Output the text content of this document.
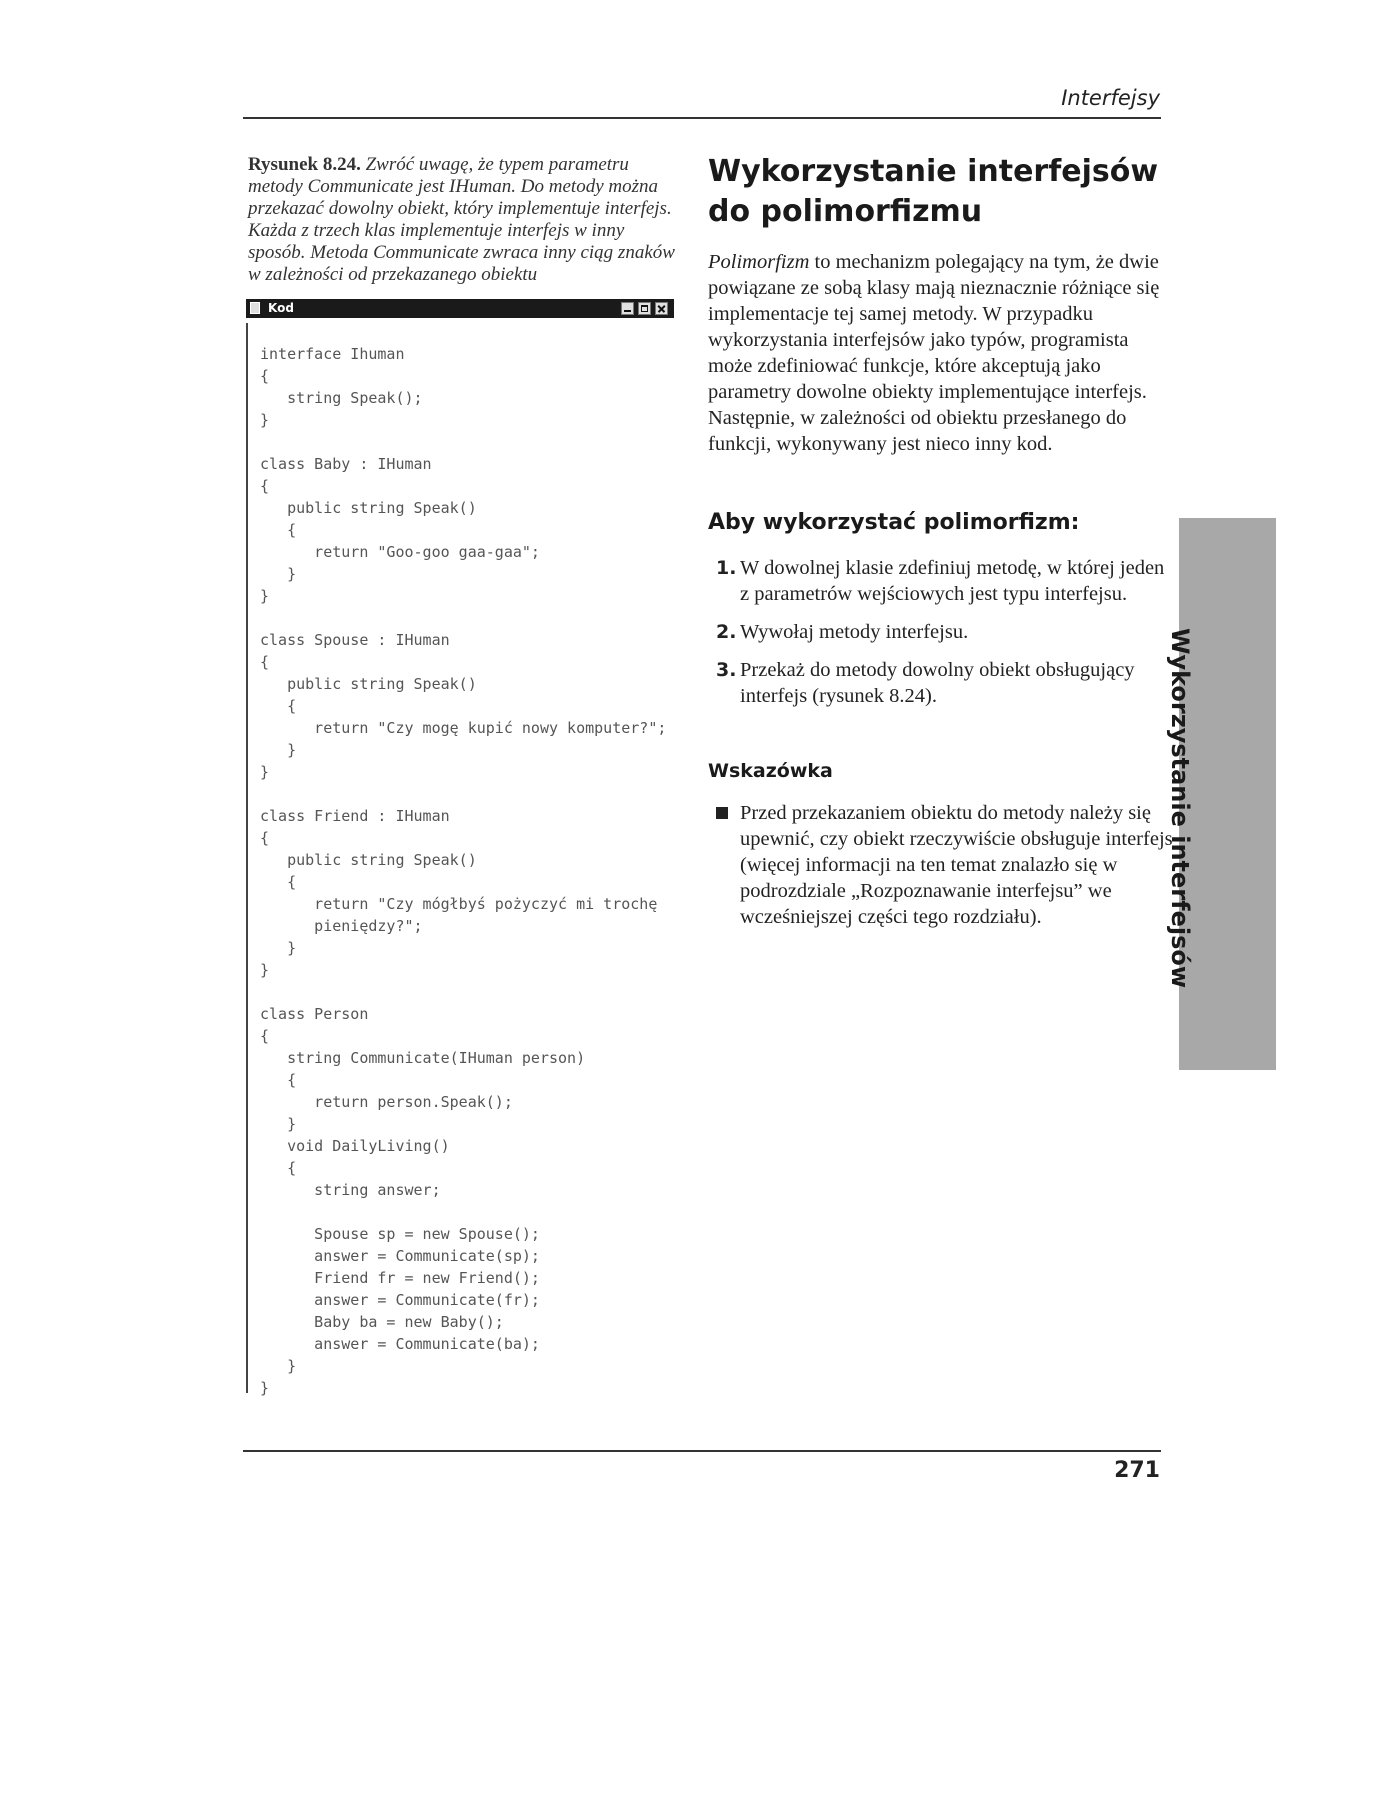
Interfejsy
Rysunek 8.24. Zwróć uwagę, że typem parametru metody Communicate jest IHuman. Do metody można przekazać dowolny obiekt, który implementuje interfejs. Każda z trzech klas implementuje interfejs w inny sposób. Metoda Communicate zwraca inny ciąg znaków w zależności od przekazanego obiektu
Kod
interface Ihuman
{
string Speak();
}
class Baby : IHuman
{
public string Speak()
{
return "Goo-goo gaa-gaa";
}
}
class Spouse : IHuman
{
public string Speak()
{
return "Czy mogę kupić nowy komputer?";
}
}
class Friend : IHuman
{
public string Speak()
{
return "Czy mógłbyś pożyczyć mi trochę
pieniędzy?";
}
}
class Person
{
string Communicate(IHuman person)
{
return person.Speak();
}
void DailyLiving()
{
string answer;
Spouse sp = new Spouse();
answer = Communicate(sp);
Friend fr = new Friend();
answer = Communicate(fr);
Baby ba = new Baby();
answer = Communicate(ba);
}
}
Wykorzystanie interfejsów do polimorfizmu
Polimorfizm to mechanizm polegający na tym, że dwie powiązane ze sobą klasy mają nieznacznie różniące się implementacje tej samej metody. W przypadku wykorzystania interfejsów jako typów, programista może zdefiniować funkcje, które akceptują jako parametry dowolne obiekty implementujące interfejs. Następnie, w zależności od obiektu przesłanego do funkcji, wykonywany jest nieco inny kod.
Aby wykorzystać polimorfizm:
1. W dowolnej klasie zdefiniuj metodę, w której jeden z parametrów wejściowych jest typu interfejsu.
2. Wywołaj metody interfejsu.
3. Przekaż do metody dowolny obiekt obsługujący interfejs (rysunek 8.24).
Wskazówka
Przed przekazaniem obiektu do metody należy się upewnić, czy obiekt rzeczywiście obsługuje interfejs (więcej informacji na ten temat znalazło się w podrozdziale „Rozpoznawanie interfejsu” we wcześniejszej części tego rozdziału).	Wykorzystanie interfejsów
271
